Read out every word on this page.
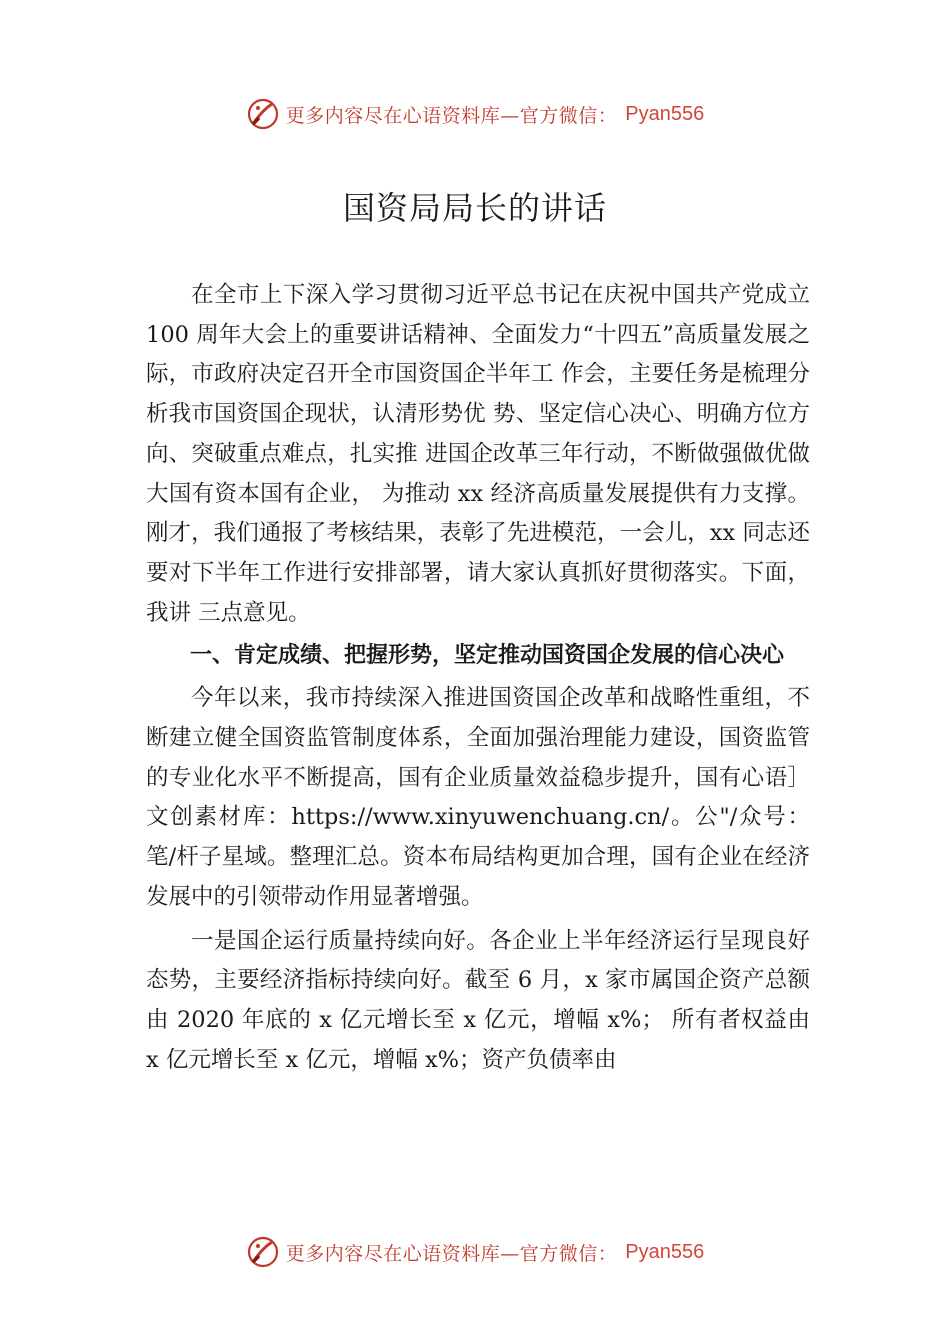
更多内容尽在心语资料库—官方微信： Pyan556
国资局局长的讲话

在全市上下深入学习贯彻习近平总书记在庆祝中国共产党成立 100 周年大会上的重要讲话精神、全面发力“十四五”高质量发展之际，市政府决定召开全市国资国企半年工 作会，主要任务是梳理分析我市国资国企现状，认清形势优 势、坚定信心决心、明确方位方向、突破重点难点，扎实推 进国企改革三年行动，不断做强做优做大国有资本国有企业， 为推动 xx 经济高质量发展提供有力支撑。刚才，我们通报了考核结果，表彰了先进模范，一会儿，xx 同志还要对下半年工作进行安排部署，请大家认真抓好贯彻落实。下面，我讲 三点意见。

一、肯定成绩、把握形势，坚定推动国资国企发展的信心决心

今年以来，我市持续深入推进国资国企改革和战略性重组，不断建立健全国资监管制度体系，全面加强治理能力建设，国资监管的专业化水平不断提高，国有企业质量效益稳步提升，国有心语］文创素材库：https://www.xinyuwenchuang.cn/。公"/众号：笔/杆子星域。整理汇总。资本布局结构更加合理，国有企业在经济发展中的引领带动作用显著增强。

一是国企运行质量持续向好。各企业上半年经济运行呈现良好态势，主要经济指标持续向好。截至 6 月，x 家市属国企资产总额由 2020 年底的 x 亿元增长至 x 亿元，增幅 x%； 所有者权益由 x 亿元增长至 x 亿元，增幅 x%；资产负债率由

更多内容尽在心语资料库—官方微信： Pyan556
